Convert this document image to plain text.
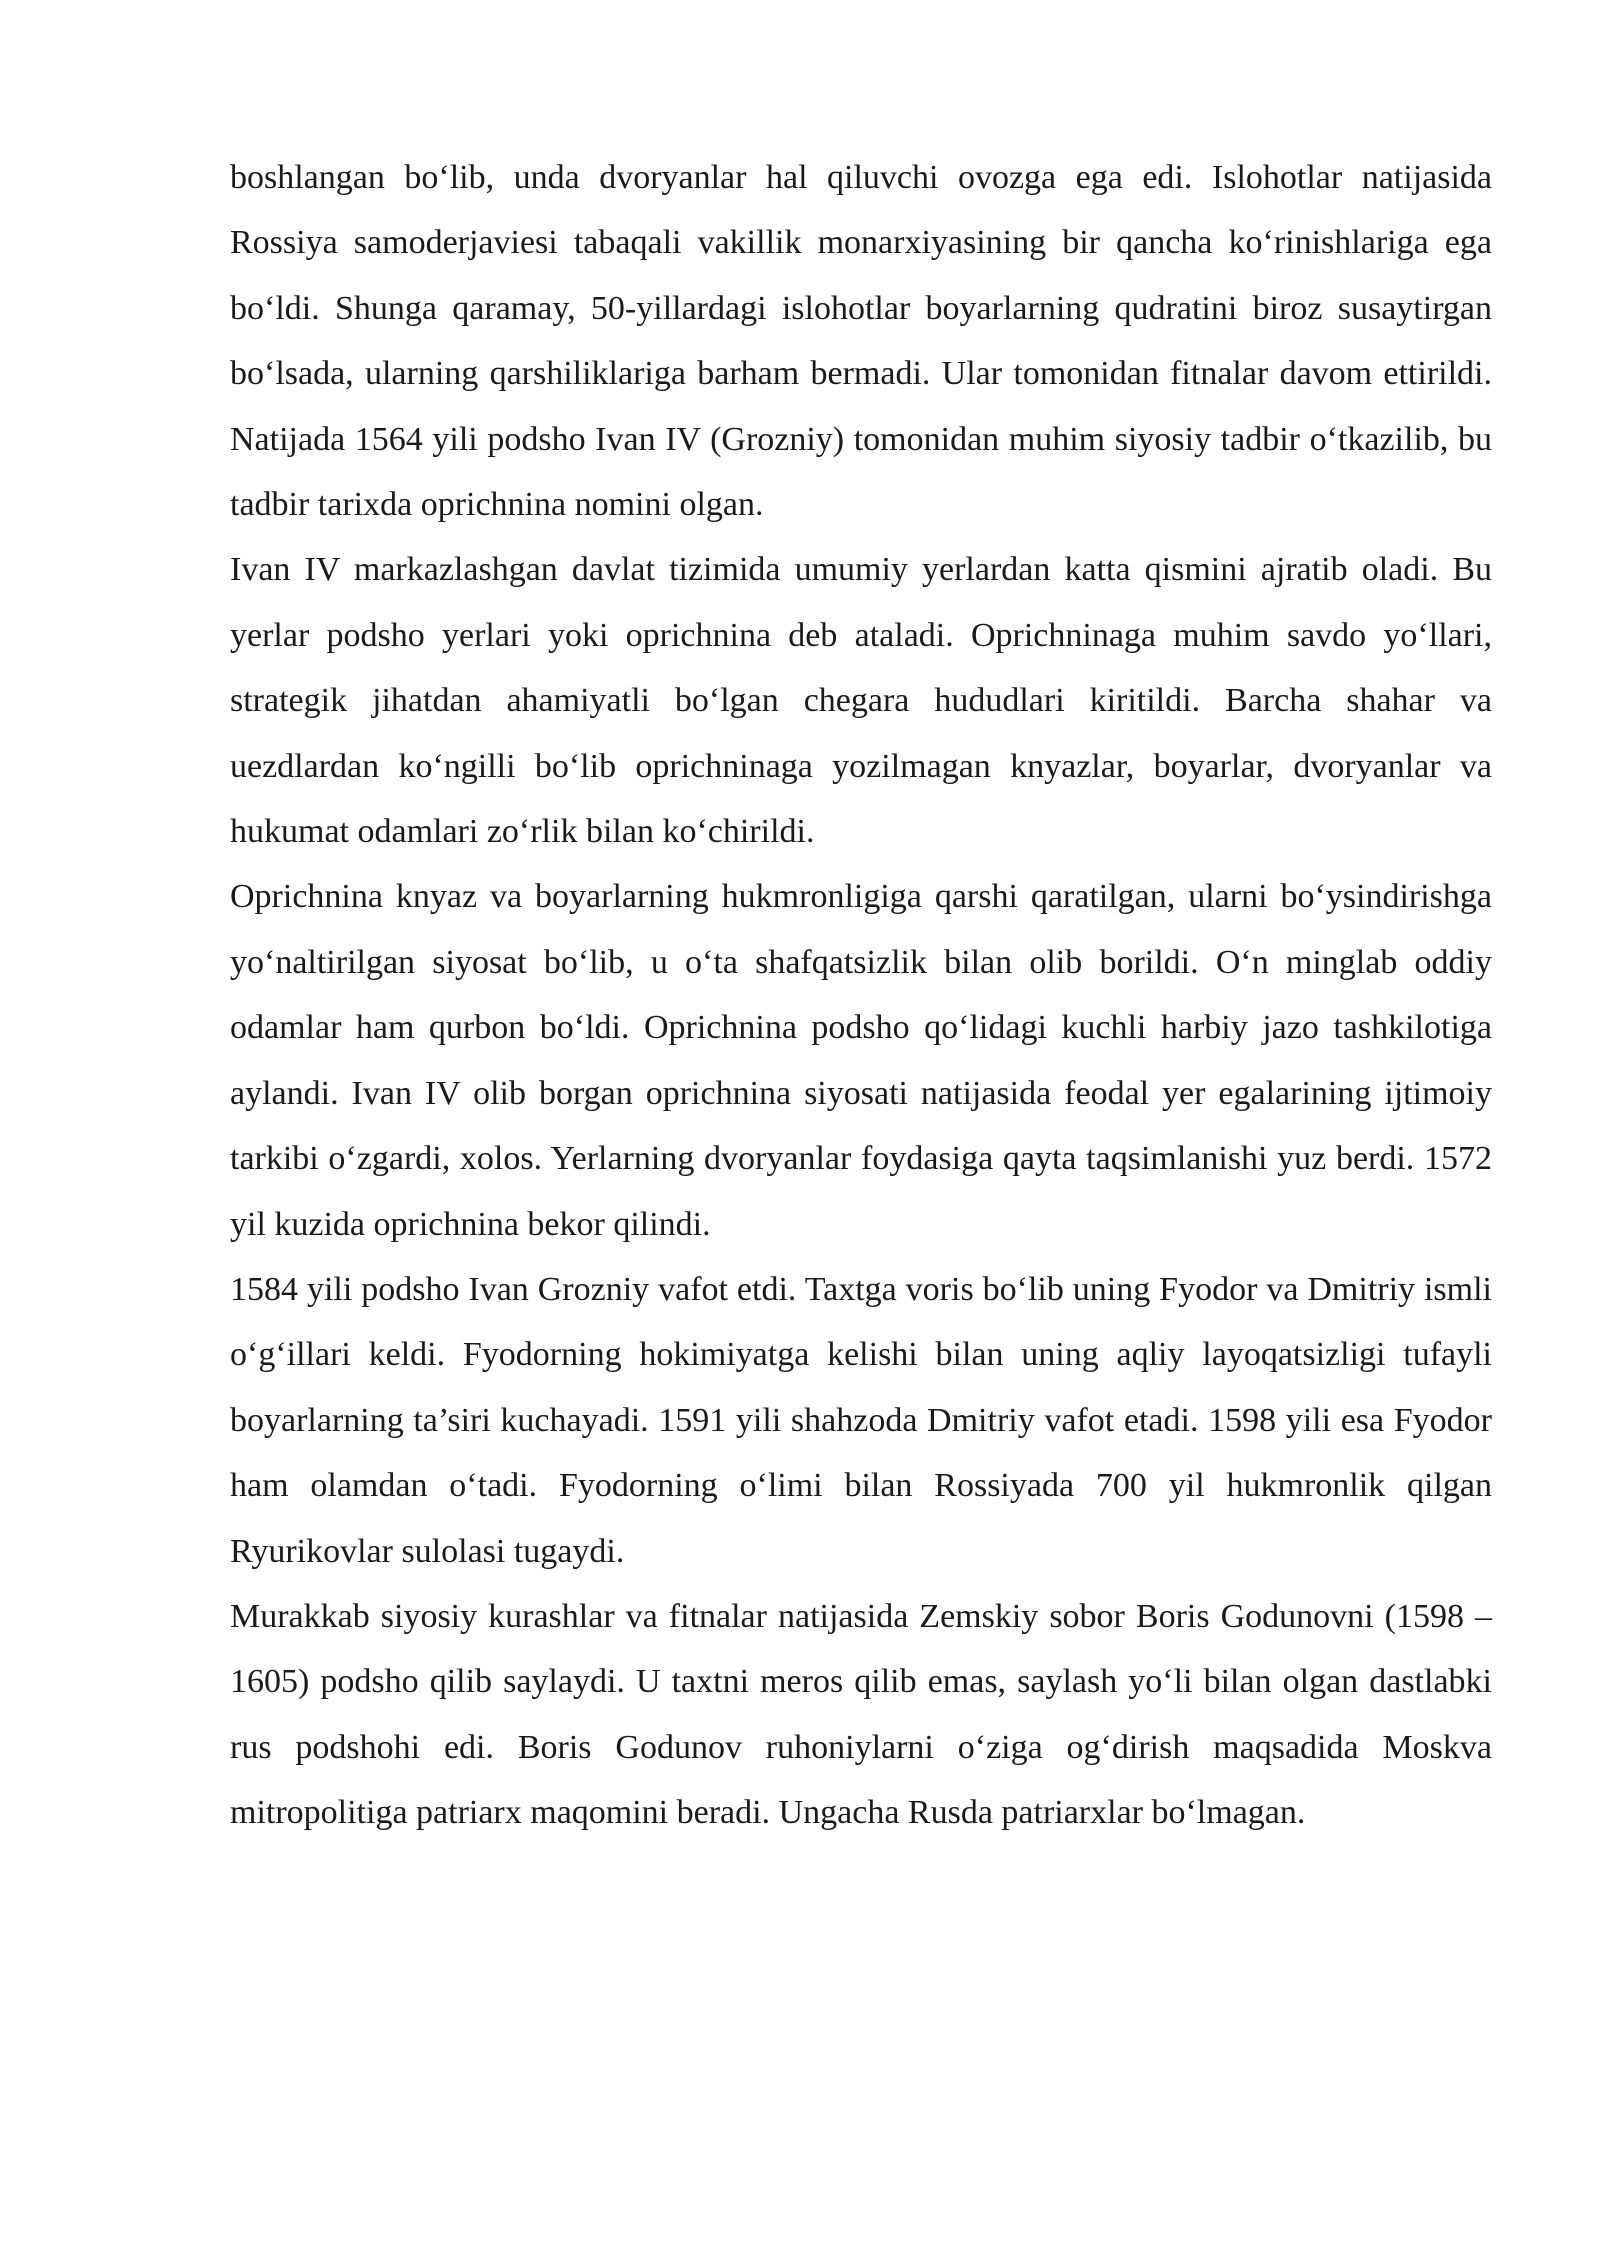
boshlangan bo‘lib, unda dvoryanlar hal qiluvchi ovozga ega edi. Islohotlar natijasida Rossiya samoderjaviesi tabaqali vakillik monarxiyasining bir qancha ko‘rinishlariga ega bo‘ldi. Shunga qaramay, 50-yillardagi islohotlar boyarlarning qudratini biroz susaytirgan bo‘lsada, ularning qarshiliklariga barham bermadi. Ular tomonidan fitnalar davom ettirildi. Natijada 1564 yili podsho Ivan IV (Grozniy) tomonidan muhim siyosiy tadbir o‘tkazilib, bu tadbir tarixda oprichnina nomini olgan.

Ivan IV markazlashgan davlat tizimida umumiy yerlardan katta qismini ajratib oladi. Bu yerlar podsho yerlari yoki oprichnina deb ataladi. Oprichninaga muhim savdo yo‘llari, strategik jihatdan ahamiyatli bo‘lgan chegara hududlari kiritildi. Barcha shahar va uezdlardan ko‘ngilli bo‘lib oprichninaga yozilmagan knyazlar, boyarlar, dvoryanlar va hukumat odamlari zo‘rlik bilan ko‘chirildi.

Oprichnina knyaz va boyarlarning hukmronligiga qarshi qaratilgan, ularni bo‘ysindirishga yo‘naltirilgan siyosat bo‘lib, u o‘ta shafqatsizlik bilan olib borildi. O‘n minglab oddiy odamlar ham qurbon bo‘ldi. Oprichnina podsho qo‘lidagi kuchli harbiy jazo tashkilotiga aylandi. Ivan IV olib borgan oprichnina siyosati natijasida feodal yer egalarining ijtimoiy tarkibi o‘zgardi, xolos. Yerlarning dvoryanlar foydasiga qayta taqsimlanishi yuz berdi. 1572 yil kuzida oprichnina bekor qilindi.

1584 yili podsho Ivan Grozniy vafot etdi. Taxtga voris bo‘lib uning Fyodor va Dmitriy ismli o‘g‘illari keldi. Fyodorning hokimiyatga kelishi bilan uning aqliy layoqatsizligi tufayli boyarlarning ta’siri kuchayadi. 1591 yili shahzoda Dmitriy vafot etadi. 1598 yili esa Fyodor ham olamdan o‘tadi. Fyodorning o‘limi bilan Rossiyada 700 yil hukmronlik qilgan Ryurikovlar sulolasi tugaydi.

Murakkab siyosiy kurashlar va fitnalar natijasida Zemskiy sobor Boris Godunovni (1598 –1605) podsho qilib saylaydi. U taxtni meros qilib emas, saylash yo‘li bilan olgan dastlabki rus podshohi edi. Boris Godunov ruhoniylarni o‘ziga og‘dirish maqsadida Moskva mitropolitiga patriarx maqomini beradi. Ungacha Rusda patriarxlar bo‘lmagan.
